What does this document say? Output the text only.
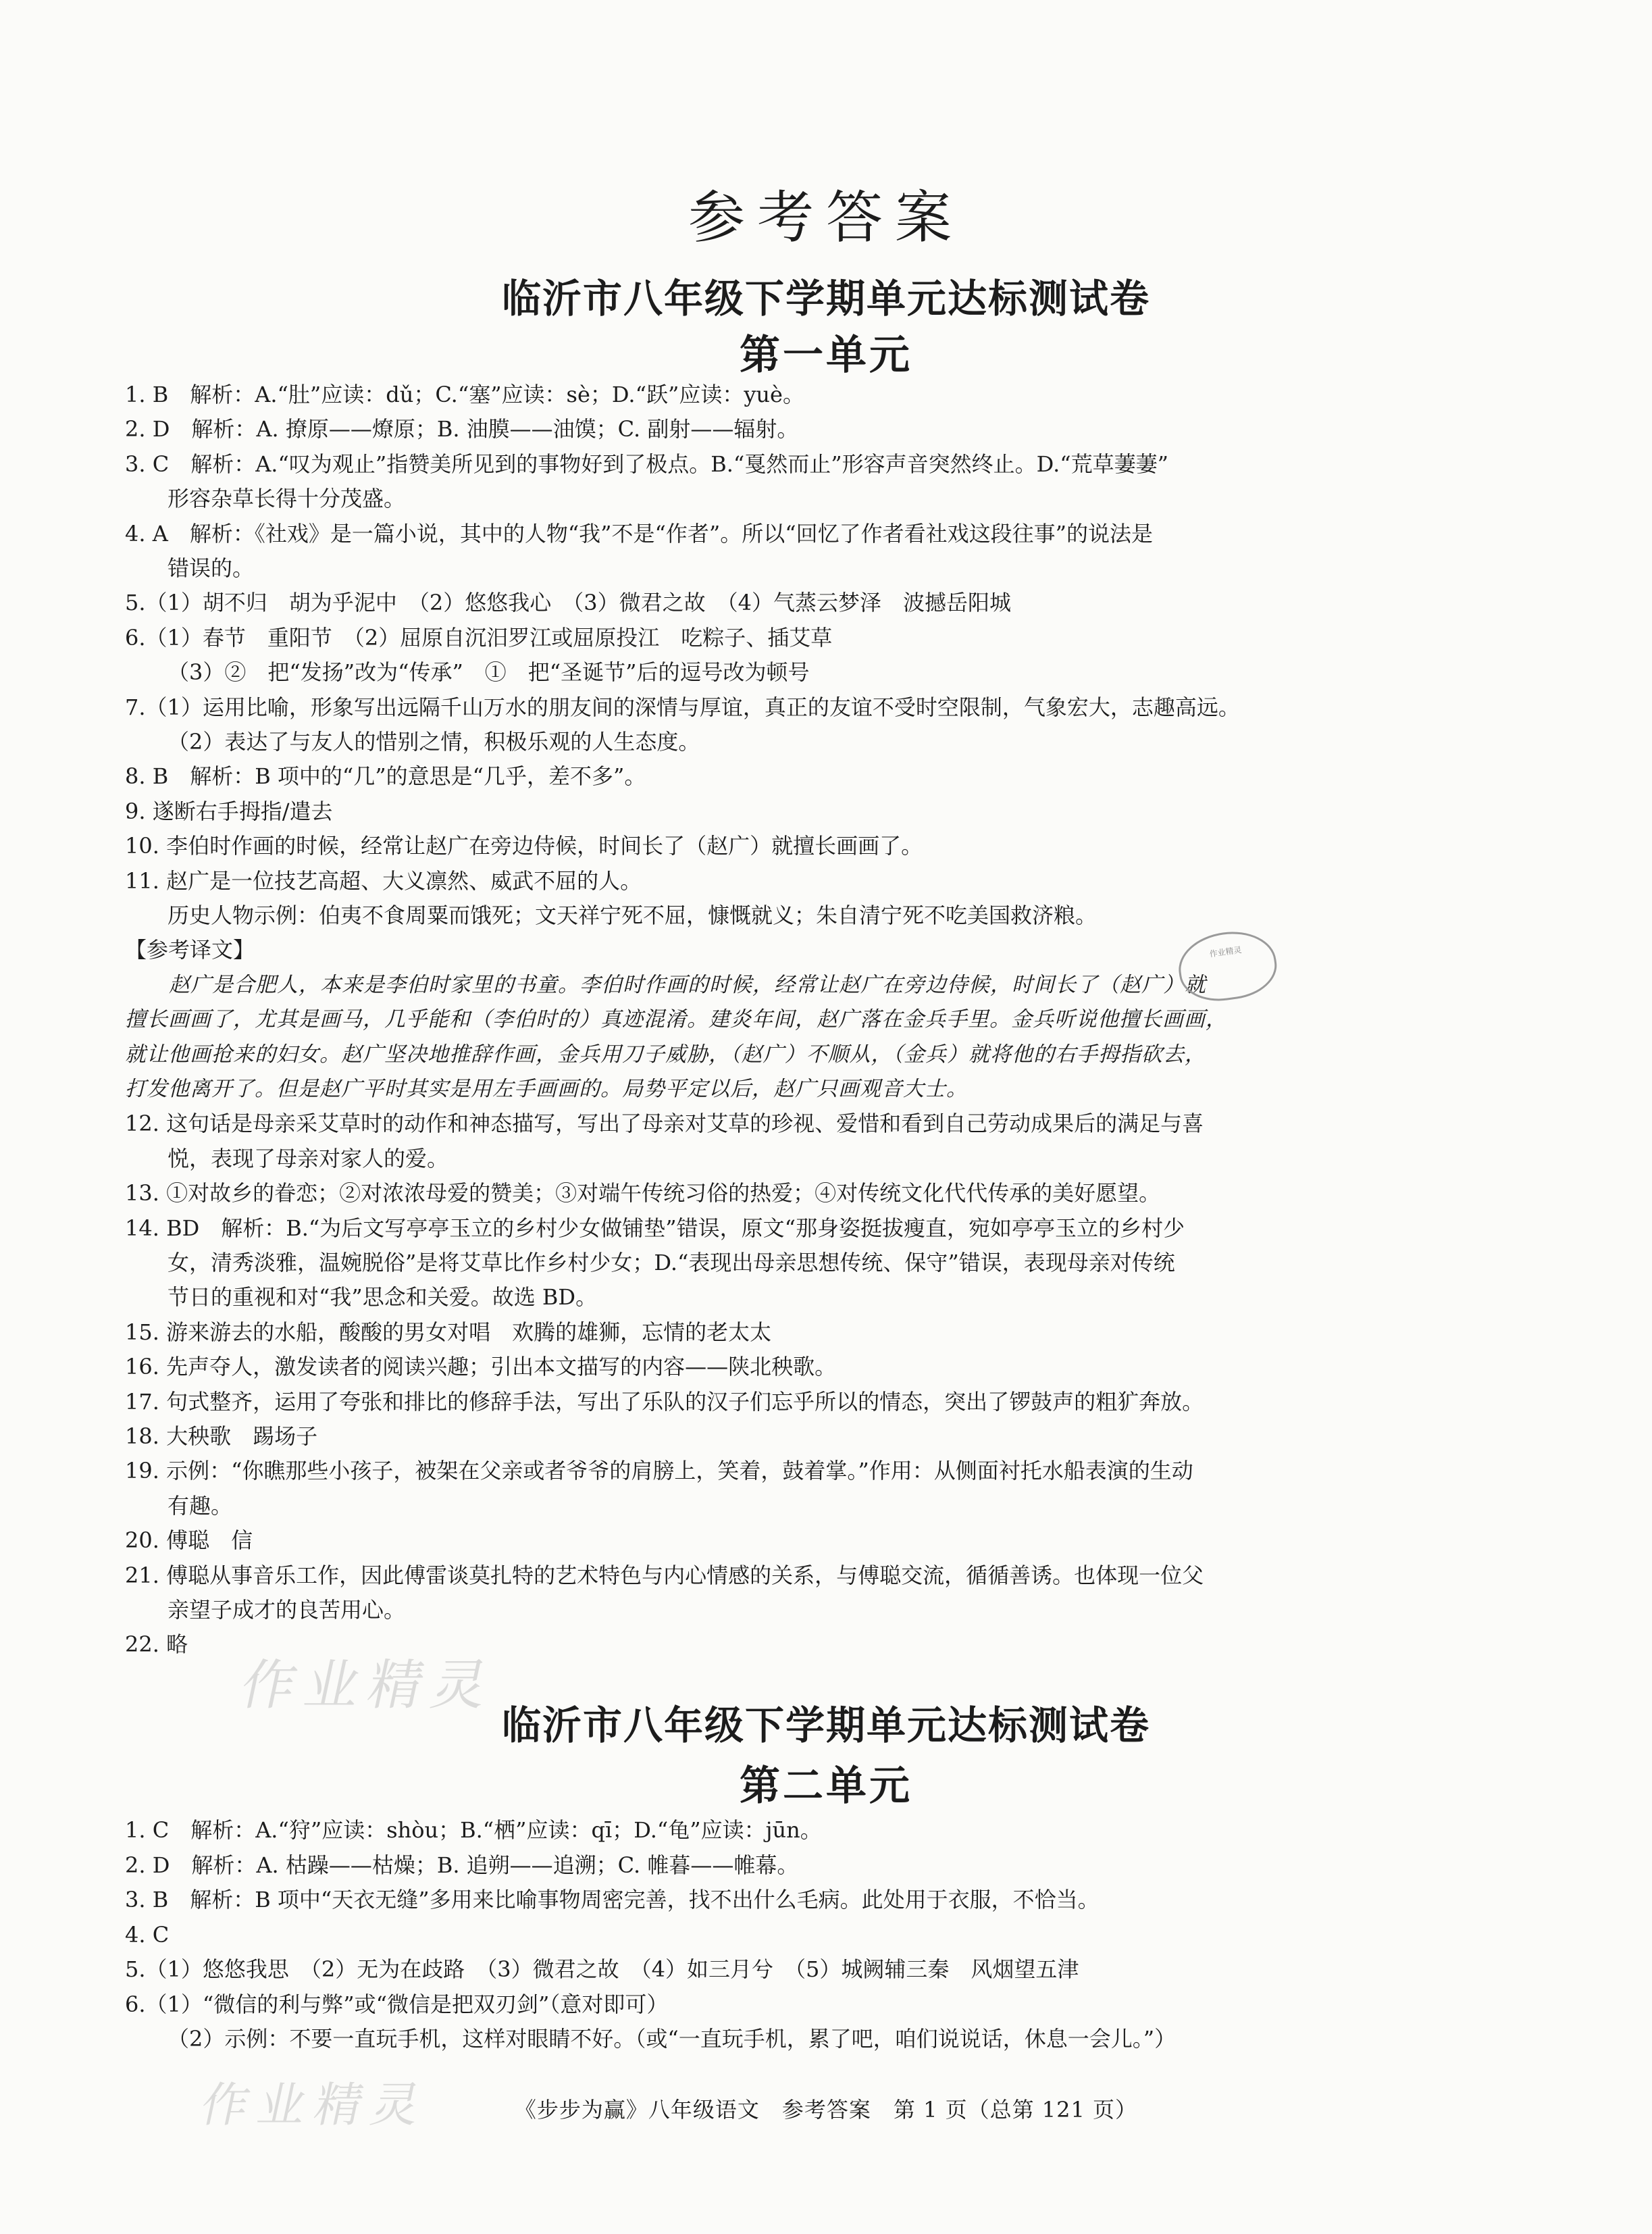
参考答案
临沂市八年级下学期单元达标测试卷
第一单元
1. B　解析：A.“肚”应读：dǔ；C.“塞”应读：sè；D.“跃”应读：yuè。
2. D　解析：A. 撩原——燎原；B. 油膜——油馍；C. 副射——辐射。
3. C　解析：A.“叹为观止”指赞美所见到的事物好到了极点。B.“戛然而止”形容声音突然终止。D.“荒草萋萋”
形容杂草长得十分茂盛。
4. A　解析：《社戏》是一篇小说，其中的人物“我”不是“作者”。所以“回忆了作者看社戏这段往事”的说法是
错误的。
5.（1）胡不归　胡为乎泥中　（2）悠悠我心　（3）微君之故　（4）气蒸云梦泽　波撼岳阳城
6.（1）春节　重阳节　（2）屈原自沉汨罗江或屈原投江　吃粽子、插艾草
（3）②　把“发扬”改为“传承”　①　把“圣诞节”后的逗号改为顿号
7.（1）运用比喻，形象写出远隔千山万水的朋友间的深情与厚谊，真正的友谊不受时空限制，气象宏大，志趣高远。
（2）表达了与友人的惜别之情，积极乐观的人生态度。
8. B　解析：B 项中的“几”的意思是“几乎，差不多”。
9. 遂断右手拇指/遣去
10. 李伯时作画的时候，经常让赵广在旁边侍候，时间长了（赵广）就擅长画画了。
11. 赵广是一位技艺高超、大义凛然、威武不屈的人。
历史人物示例：伯夷不食周粟而饿死；文天祥宁死不屈，慷慨就义；朱自清宁死不吃美国救济粮。
【参考译文】
赵广是合肥人，本来是李伯时家里的书童。李伯时作画的时候，经常让赵广在旁边侍候，时间长了（赵广）就
擅长画画了，尤其是画马，几乎能和（李伯时的）真迹混淆。建炎年间，赵广落在金兵手里。金兵听说他擅长画画，
就让他画抢来的妇女。赵广坚决地推辞作画，金兵用刀子威胁，（赵广）不顺从，（金兵）就将他的右手拇指砍去，
打发他离开了。但是赵广平时其实是用左手画画的。局势平定以后，赵广只画观音大士。
12. 这句话是母亲采艾草时的动作和神态描写，写出了母亲对艾草的珍视、爱惜和看到自己劳动成果后的满足与喜
悦，表现了母亲对家人的爱。
13. ①对故乡的眷恋；②对浓浓母爱的赞美；③对端午传统习俗的热爱；④对传统文化代代传承的美好愿望。
14. BD　解析：B.“为后文写亭亭玉立的乡村少女做铺垫”错误，原文“那身姿挺拔瘦直，宛如亭亭玉立的乡村少
女，清秀淡雅，温婉脱俗”是将艾草比作乡村少女；D.“表现出母亲思想传统、保守”错误，表现母亲对传统
节日的重视和对“我”思念和关爱。故选 BD。
15. 游来游去的水船，酸酸的男女对唱　欢腾的雄狮，忘情的老太太
16. 先声夺人，激发读者的阅读兴趣；引出本文描写的内容——陕北秧歌。
17. 句式整齐，运用了夸张和排比的修辞手法，写出了乐队的汉子们忘乎所以的情态，突出了锣鼓声的粗犷奔放。
18. 大秧歌　踢场子
19. 示例：“你瞧那些小孩子，被架在父亲或者爷爷的肩膀上，笑着，鼓着掌。”作用：从侧面衬托水船表演的生动
有趣。
20. 傅聪　信
21. 傅聪从事音乐工作，因此傅雷谈莫扎特的艺术特色与内心情感的关系，与傅聪交流，循循善诱。也体现一位父
亲望子成才的良苦用心。
22. 略
作业精灵
临沂市八年级下学期单元达标测试卷
第二单元
1. C　解析：A.“狩”应读：shòu；B.“栖”应读：qī；D.“龟”应读：jūn。
2. D　解析：A. 枯躁——枯燥；B. 追朔——追溯；C. 帷暮——帷幕。
3. B　解析：B 项中“天衣无缝”多用来比喻事物周密完善，找不出什么毛病。此处用于衣服，不恰当。
4. C
5.（1）悠悠我思　（2）无为在歧路　（3）微君之故　（4）如三月兮　（5）城阙辅三秦　风烟望五津
6.（1）“微信的利与弊”或“微信是把双刃剑”（意对即可）
（2）示例：不要一直玩手机，这样对眼睛不好。（或“一直玩手机，累了吧，咱们说说话，休息一会儿。”）
作业精灵
作业精灵	《步步为赢》八年级语文　参考答案　第 1 页（总第 121 页）
